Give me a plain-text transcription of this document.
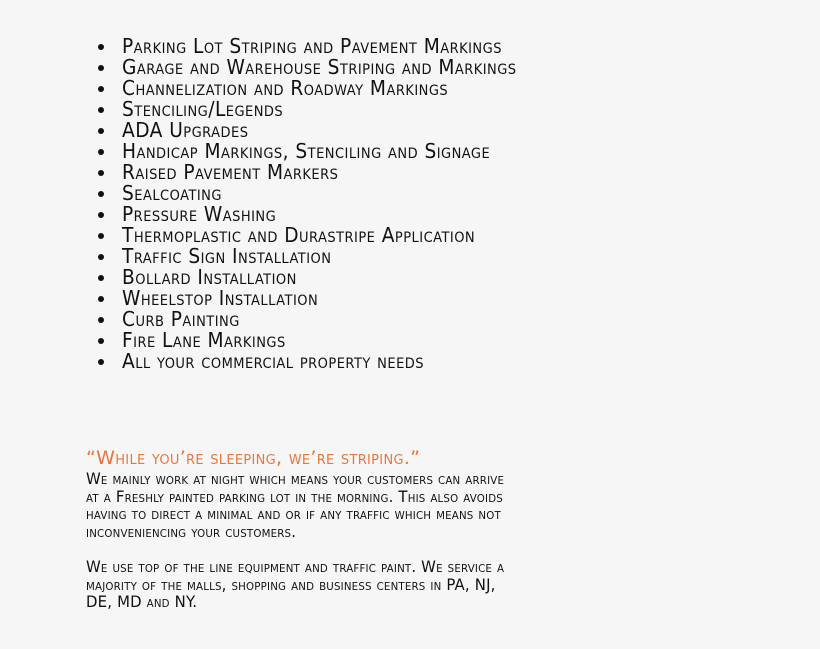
Parking Lot Striping and Pavement Markings
Garage and Warehouse Striping and Markings
Channelization and Roadway Markings
Stenciling/Legends
ADA Upgrades
Handicap Markings, Stenciling and Signage
Raised Pavement Markers
Sealcoating
Pressure Washing
Thermoplastic and Durastripe Application
Traffic Sign Installation
Bollard Installation
Wheelstop Installation
Curb Painting
Fire Lane Markings
All your commercial property needs
“While you’re sleeping, we’re striping.”

We mainly work at night which means your customers can arrive
at a Freshly painted parking lot in the morning. This also avoids
having to direct a minimal and or if any traffic which means not
inconveniencing your customers.

We use top of the line equipment and traffic paint. We service a
majority of the malls, shopping and business centers in PA, NJ,
DE, MD and NY.
